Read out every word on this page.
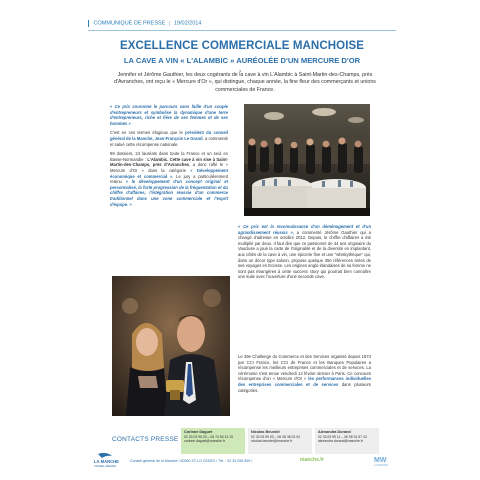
COMMUNIQUÉ DE PRESSE | 19/02/2014
EXCELLENCE COMMERCIALE MANCHOISE
LA CAVE A VIN « L'ALAMBIC » AURÉOLÉE D'UN MERCURE D'OR
●
Jennifer et Jérôme Gauthier, les deux cogérants de la cave à vin L'Alambic à Saint-Martin-des-Champs, près d'Avranches, ont reçu le « Mercure d'Or », qui distingue, chaque année, la fine fleur des commerçants et unions commerciales de France.

« Ce prix couronne le parcours sans faille d'un couple d'entrepreneurs et symbolise la dynamique d'une terre d'entrepreneurs, riche et fière de ses femmes et de ses hommes »

C'est en ces termes élogieux que le président du conseil général de la Manche, Jean-François Le Grand, a commenté et salué cette récompense nationale.

99 dossiers, 24 lauréats dans toute la France et un seul en Basse-Normandie : L'Alambic. Cette cave à vin sise à Saint-Martin-des-Champs, près d'Avranches, a donc raflé le « Mercure d'Or » dans la catégorie « Développement économique et commercial ». Le jury a particulièrement retenu « le développement d'un concept original et personnalisé, la forte progression de la fréquentation et du chiffre d'affaires, l'intégration réussie d'un commerce traditionnel dans une zone commerciale et l'esprit d'équipe. »

« Ce prix est la reconnaissance d'un déménagement et d'un agrandissement réussis », a commenté Jérôme Gauthier qui a changé d'adresse en octobre 2012. Depuis, le chiffre d'affaires a été multiplié par deux. Il faut dire que ce passionné de 44 ans originaire du Vaucluse a joué la carte de l'originalité et de la diversité en implantant, aux côtés de la cave à vin, une épicerie fine et une "whiskythèque" qui, dans un décor type saloon, propose quelque 350 références tirées de ses voyages en Ecosse. Les origines anglo-irlandaises de sa femme ne sont pas étrangères à cette success story qui pourrait bien connaître une suite avec l'ouverture d'une seconde cave.

Le 39e Challenge du Commerce et des Services organisé depuis 1974 par CCI France, les CCI de France et les Banques Populaires a récompensé les meilleurs entreprises commerciales et de services. La cérémonie s'est tenue vendredi 14 février dernier à Paris. Ce concours récompense d'un « Mercure d'Or » les performances individuelles des entreprises commerciales et de services dans plusieurs catégories.

CONTACTS PRESSE
Corinne Daguet
02 33 05 95 03 – 06 74 50 13 15
corinne.daguet@manche.fr
Nicolas Beurdel
02 33 05 99 53 – 06 08 38 03 04
nicolas.beurdel@manche.fr
Alexandra Dorand
02 33 05 99 11 – 06 98 91 57 43
alexandra.dorand@manche.fr
LA MANCHE
CONSEIL GÉNÉRAL
Conseil général de la Manche / 50050 ST-LO CEDEX / Tél. : 02 33 055 550 /	manche.fr	MW
LA MANCHE
